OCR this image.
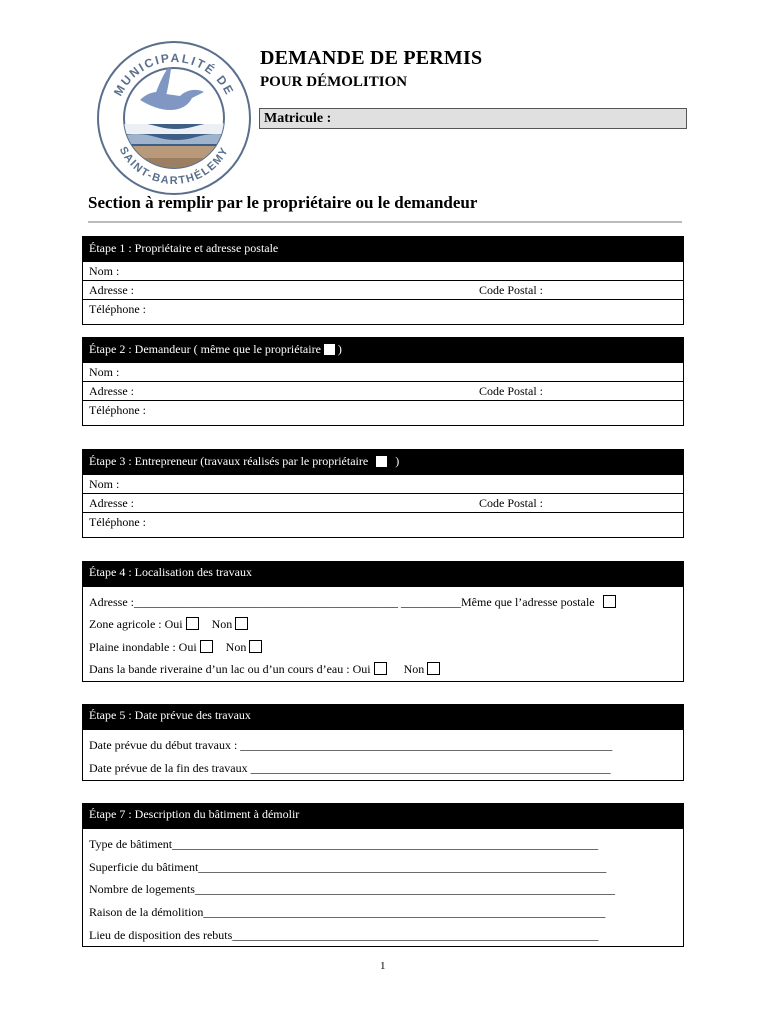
MUNICIPALITÉ DE
SAINT-BARTHÉLEMY
DEMANDE DE PERMIS
POUR DÉMOLITION
Matricule :
Section à remplir par le propriétaire ou le demandeur
Étape 1 : Propriétaire et adresse postale
Nom :
Adresse :	Code Postal :
Téléphone :
Étape 2 : Demandeur ( même que le propriétaire )
Nom :
Adresse :	Code Postal :
Téléphone :
Étape 3 : Entrepreneur (travaux réalisés par le propriétaire )
Nom :
Adresse :	Code Postal :
Téléphone :
Étape 4 : Localisation des travaux
Adresse :____________________________________________ __________Même que l’adresse postale
Zone agricole : Oui Non
Plaine inondable : Oui Non
Dans la bande riveraine d’un lac ou d’un cours d’eau : Oui	Non
Étape 5 : Date prévue des travaux
Date prévue du début travaux : ______________________________________________________________
Date prévue de la fin des travaux ____________________________________________________________
Étape 7 : Description du bâtiment à démolir
Type de bâtiment_______________________________________________________________________
Superficie du bâtiment____________________________________________________________________
Nombre de logements______________________________________________________________________
Raison de la démolition___________________________________________________________________
Lieu de disposition des rebuts_____________________________________________________________
1
